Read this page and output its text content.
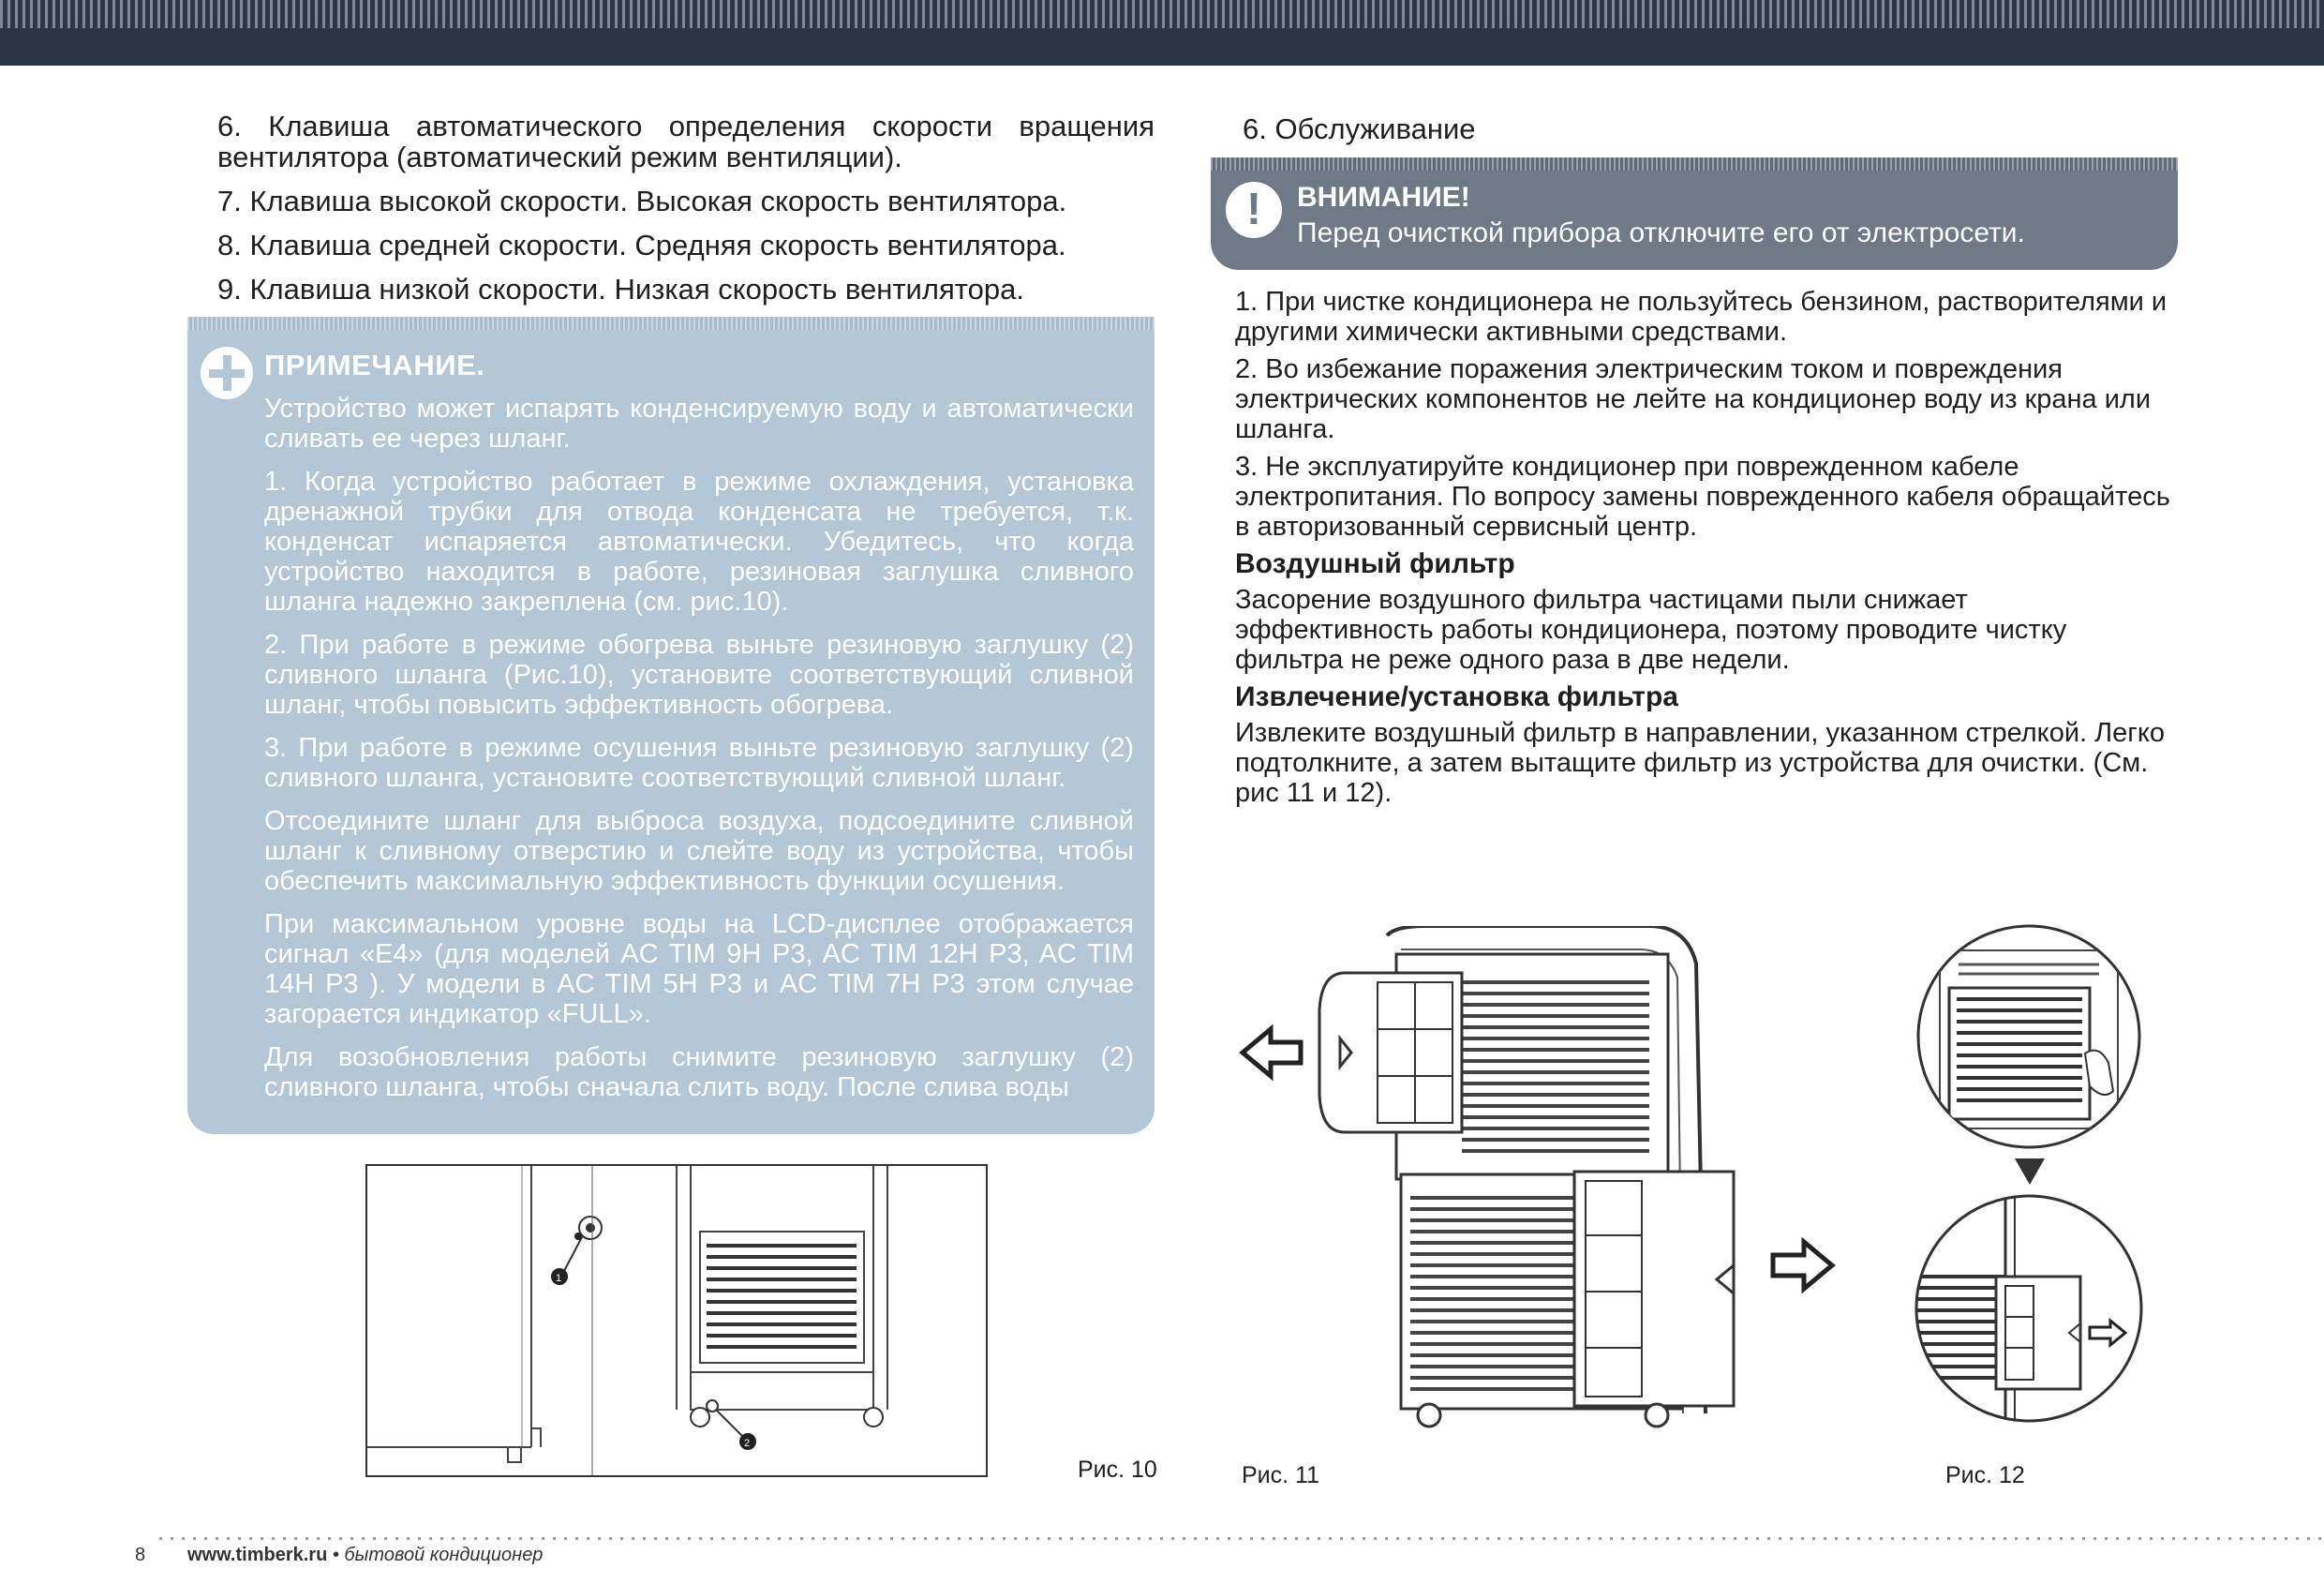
6. Клавиша автоматического определения скорости вращения вентилятора (автоматический режим вентиляции).
7. Клавиша высокой скорости. Высокая скорость вентилятора.
8. Клавиша средней скорости. Средняя скорость вентилятора.
9. Клавиша низкой скорости. Низкая скорость вентилятора.
ПРИМЕЧАНИЕ.

Устройство может испарять конденсируемую воду и автоматически сливать ее через шланг.

1. Когда устройство работает в режиме охлаждения, установка дренажной трубки для отвода конденсата не требуется, т.к. конденсат испаряется автоматически. Убедитесь, что когда устройство находится в работе, резиновая заглушка сливного шланга надежно закреплена (см. рис.10).

2. При работе в режиме обогрева выньте резиновую заглушку (2) сливного шланга (Рис.10), установите соответствующий сливной шланг, чтобы повысить эффективность обогрева.

3. При работе в режиме осушения выньте резиновую заглушку (2) сливного шланга, установите соответствующий сливной шланг.

Отсоедините шланг для выброса воздуха, подсоедините сливной шланг к сливному отверстию и слейте воду из устройства, чтобы обеспечить максимальную эффективность функции осушения.

При максимальном уровне воды на LCD-дисплее отображается сигнал «E4» (для моделей AC TIM 9H P3, AC TIM 12H P3, AC TIM 14H P3 ). У модели в AC TIM 5H P3 и AC TIM 7H P3 этом случае загорается индикатор «FULL».

Для возобновления работы снимите резиновую заглушку (2) сливного шланга, чтобы сначала слить воду. После слива воды

1
2
Рис. 10
6. Обслуживание
!	ВНИМАНИЕ!
Перед очисткой прибора отключите его от электросети.

1. При чистке кондиционера не пользуйтесь бензином, растворителями и другими химически активными средствами.

2. Во избежание поражения электрическим током и повреждения электрических компонентов не лейте на кондиционер воду из крана или шланга.

3. Не эксплуатируйте кондиционер при поврежденном кабеле электропитания. По вопросу замены поврежденного кабеля обращайтесь в авторизованный сервисный центр.

Воздушный фильтр

Засорение воздушного фильтра частицами пыли снижает эффективность работы кондиционера, поэтому проводите чистку фильтра не реже одного раза в две недели.

Извлечение/установка фильтра

Извлеките воздушный фильтр в направлении, указанном стрелкой. Легко подтолкните, а затем вытащите фильтр из устройства для очистки. (См. рис 11 и 12).

Рис. 11	Рис. 12
8 www.timberk.ru • бытовой кондиционер
